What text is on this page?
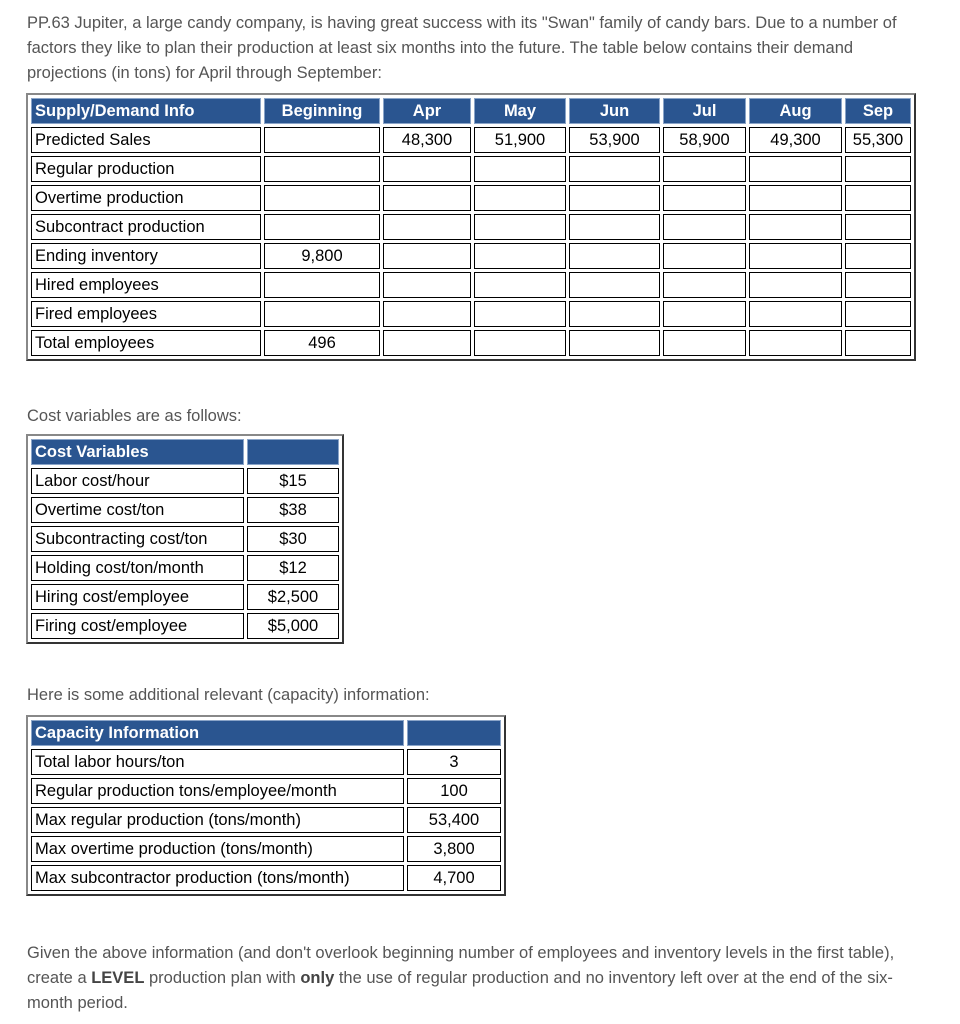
PP.63 Jupiter, a large candy company, is having great success with its "Swan" family of candy bars. Due to a number of factors they like to plan their production at least six months into the future. The table below contains their demand projections (in tons) for April through September:

Supply/Demand Info	Beginning	Apr	May	Jun	Jul	Aug	Sep
Predicted Sales		48,300	51,900	53,900	58,900	49,300	55,300
Regular production							
Overtime production							
Subcontract production							
Ending inventory	9,800						
Hired employees							
Fired employees							
Total employees	496						

Cost variables are as follows:

Cost Variables	
Labor cost/hour	$15
Overtime cost/ton	$38
Subcontracting cost/ton	$30
Holding cost/ton/month	$12
Hiring cost/employee	$2,500
Firing cost/employee	$5,000

Here is some additional relevant (capacity) information:

Capacity Information	
Total labor hours/ton	3
Regular production tons/employee/month	100
Max regular production (tons/month)	53,400
Max overtime production (tons/month)	3,800
Max subcontractor production (tons/month)	4,700

Given the above information (and don't overlook beginning number of employees and inventory levels in the first table), create a LEVEL production plan with only the use of regular production and no inventory left over at the end of the six-month period.
